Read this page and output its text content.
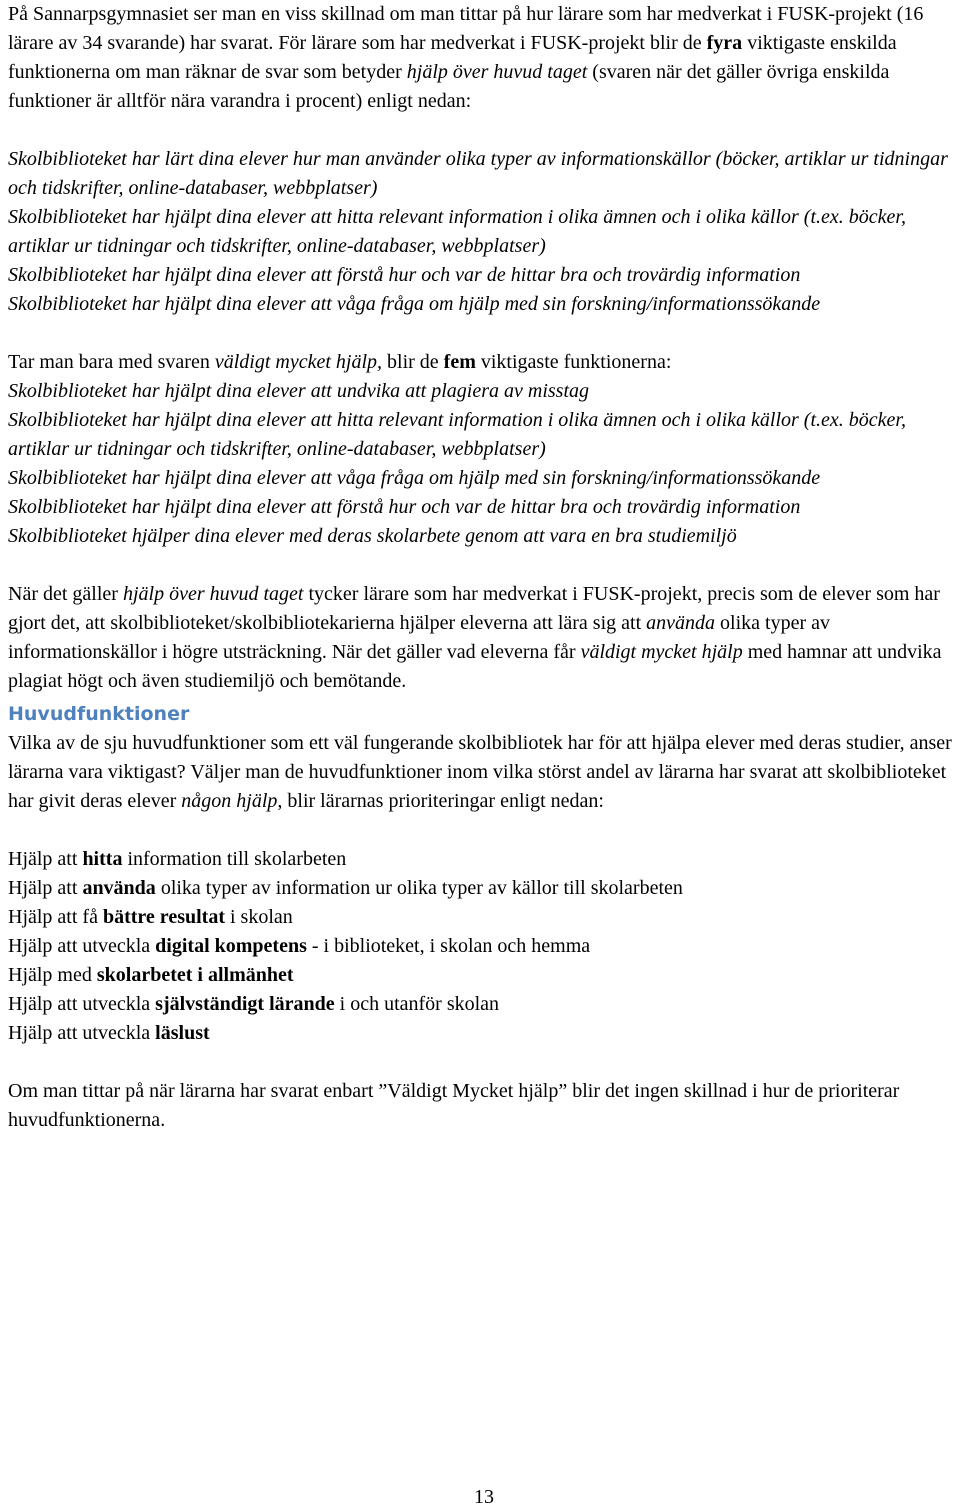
På Sannarpsgymnasiet ser man en viss skillnad om man tittar på hur lärare som har medverkat i FUSK-projekt (16 lärare av 34 svarande) har svarat. För lärare som har medverkat i FUSK-projekt blir de fyra viktigaste enskilda funktionerna om man räknar de svar som betyder hjälp över huvud taget (svaren när det gäller övriga enskilda funktioner är alltför nära varandra i procent) enligt nedan:

Skolbiblioteket har lärt dina elever hur man använder olika typer av informationskällor (böcker, artiklar ur tidningar och tidskrifter, online-databaser, webbplatser)

Skolbiblioteket har hjälpt dina elever att hitta relevant information i olika ämnen och i olika källor (t.ex. böcker, artiklar ur tidningar och tidskrifter, online-databaser, webbplatser)

Skolbiblioteket har hjälpt dina elever att förstå hur och var de hittar bra och trovärdig information

Skolbiblioteket har hjälpt dina elever att våga fråga om hjälp med sin forskning/informationssökande

Tar man bara med svaren väldigt mycket hjälp, blir de fem viktigaste funktionerna:

Skolbiblioteket har hjälpt dina elever att undvika att plagiera av misstag

Skolbiblioteket har hjälpt dina elever att hitta relevant information i olika ämnen och i olika källor (t.ex. böcker, artiklar ur tidningar och tidskrifter, online-databaser, webbplatser)

Skolbiblioteket har hjälpt dina elever att våga fråga om hjälp med sin forskning/informationssökande

Skolbiblioteket har hjälpt dina elever att förstå hur och var de hittar bra och trovärdig information

Skolbiblioteket hjälper dina elever med deras skolarbete genom att vara en bra studiemiljö

När det gäller hjälp över huvud taget tycker lärare som har medverkat i FUSK-projekt, precis som de elever som har gjort det, att skolbiblioteket/skolbibliotekarierna hjälper eleverna att lära sig att använda olika typer av informationskällor i högre utsträckning. När det gäller vad eleverna får väldigt mycket hjälp med hamnar att undvika plagiat högt och även studiemiljö och bemötande.

Huvudfunktioner

Vilka av de sju huvudfunktioner som ett väl fungerande skolbibliotek har för att hjälpa elever med deras studier, anser lärarna vara viktigast? Väljer man de huvudfunktioner inom vilka störst andel av lärarna har svarat att skolbiblioteket har givit deras elever någon hjälp, blir lärarnas prioriteringar enligt nedan:

Hjälp att hitta information till skolarbeten

Hjälp att använda olika typer av information ur olika typer av källor till skolarbeten

Hjälp att få bättre resultat i skolan

Hjälp att utveckla digital kompetens - i biblioteket, i skolan och hemma

Hjälp med skolarbetet i allmänhet

Hjälp att utveckla självständigt lärande i och utanför skolan

Hjälp att utveckla läslust

Om man tittar på när lärarna har svarat enbart ”Väldigt Mycket hjälp” blir det ingen skillnad i hur de prioriterar huvudfunktionerna.

13
